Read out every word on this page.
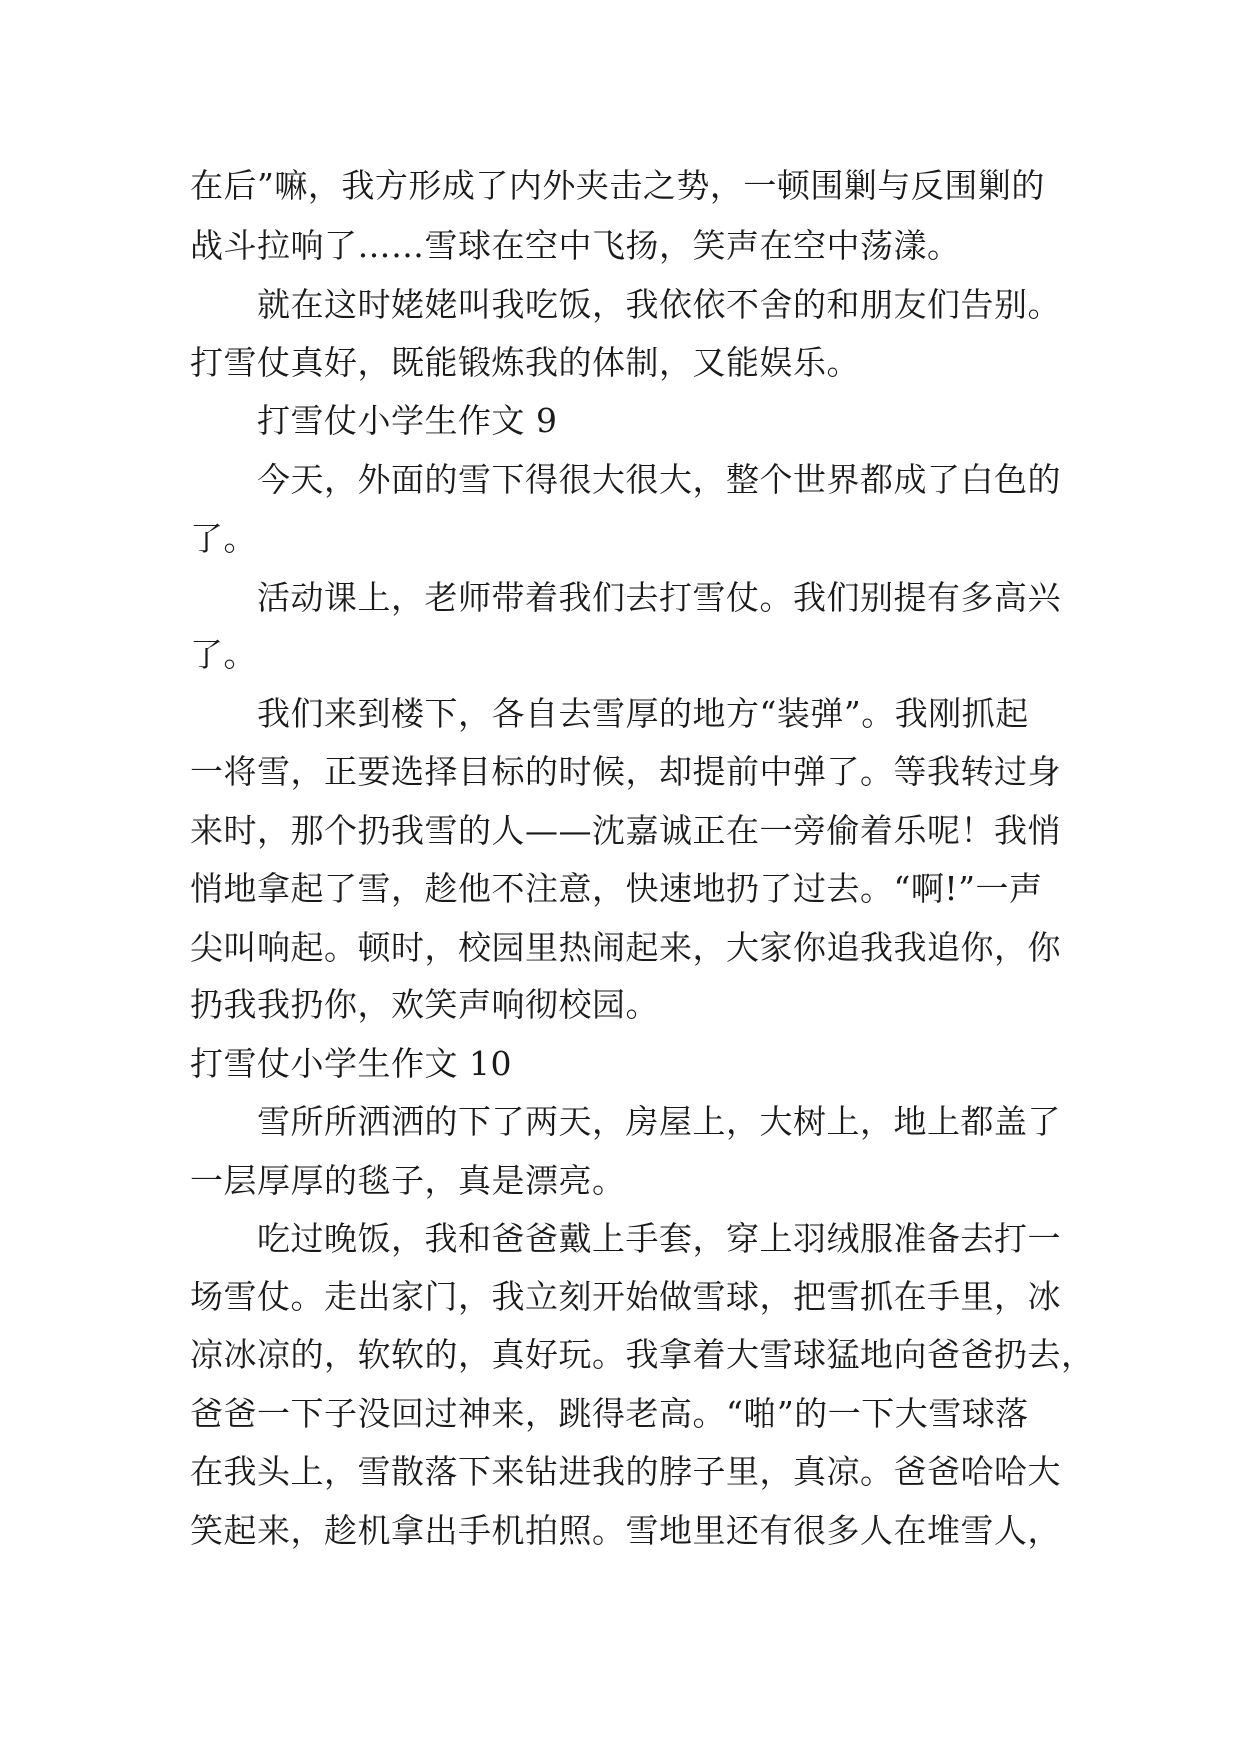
在后”嘛，我方形成了内外夹击之势，一顿围剿与反围剿的
战斗拉响了……雪球在空中飞扬，笑声在空中荡漾。
就在这时姥姥叫我吃饭，我依依不舍的和朋友们告别。
打雪仗真好，既能锻炼我的体制，又能娱乐。
打雪仗小学生作文 9
今天，外面的雪下得很大很大，整个世界都成了白色的
了。
活动课上，老师带着我们去打雪仗。我们别提有多高兴
了。
我们来到楼下，各自去雪厚的地方“装弹”。我刚抓起
一将雪，正要选择目标的时候，却提前中弹了。等我转过身
来时，那个扔我雪的人——沈嘉诚正在一旁偷着乐呢！我悄
悄地拿起了雪，趁他不注意，快速地扔了过去。“啊!”一声
尖叫响起。顿时，校园里热闹起来，大家你追我我追你，你
扔我我扔你，欢笑声响彻校园。
打雪仗小学生作文 10
雪所所洒洒的下了两天，房屋上，大树上，地上都盖了
一层厚厚的毯子，真是漂亮。
吃过晚饭，我和爸爸戴上手套，穿上羽绒服准备去打一
场雪仗。走出家门，我立刻开始做雪球，把雪抓在手里，冰
凉冰凉的，软软的，真好玩。我拿着大雪球猛地向爸爸扔去，
爸爸一下子没回过神来，跳得老高。“啪”的一下大雪球落
在我头上，雪散落下来钻进我的脖子里，真凉。爸爸哈哈大
笑起来，趁机拿出手机拍照。雪地里还有很多人在堆雪人，
